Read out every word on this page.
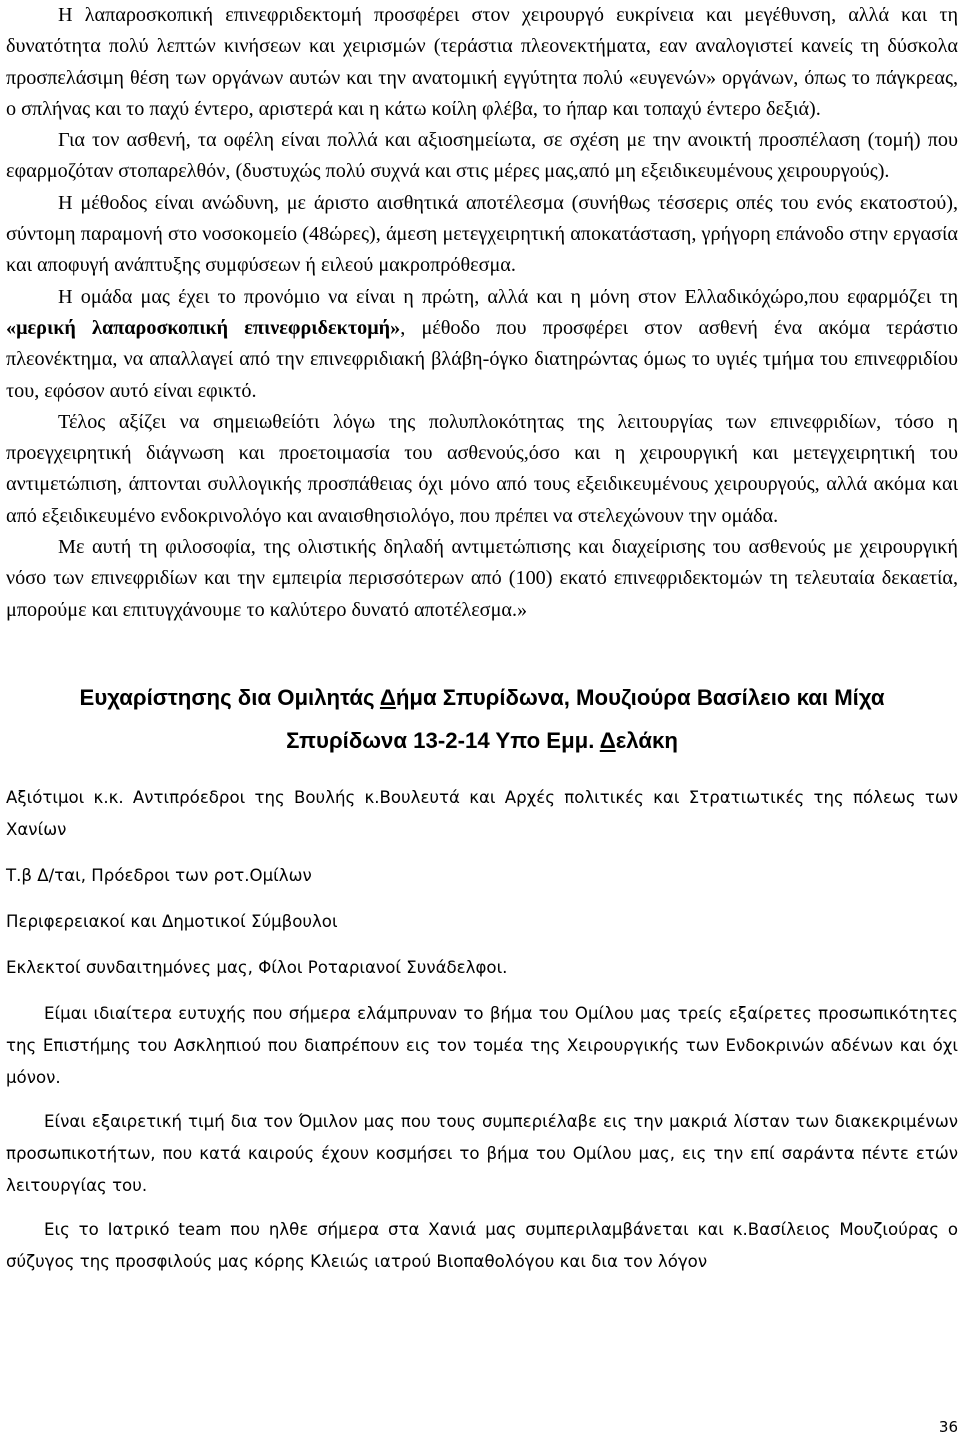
Η λαπαροσκοπική επινεφριδεκτομή προσφέρει στον χειρουργό ευκρίνεια και μεγέθυνση, αλλά και τη δυνατότητα πολύ λεπτών κινήσεων και χειρισμών (τεράστια πλεονεκτήματα, εαν αναλογιστεί κανείς τη δύσκολα προσπελάσιμη θέση των οργάνων αυτών και την ανατομική εγγύτητα πολύ «ευγενών» οργάνων, όπως το πάγκρεας, ο σπλήνας και το παχύ έντερο, αριστερά και η κάτω κοίλη φλέβα, το ήπαρ και τοπαχύ έντερο δεξιά).

Για τον ασθενή, τα οφέλη είναι πολλά και αξιοσημείωτα, σε σχέση με την ανοικτή προσπέλαση (τομή) που εφαρμοζόταν στοπαρελθόν, (δυστυχώς πολύ συχνά και στις μέρες μας,από μη εξειδικευμένους χειρουργούς).

Η μέθοδος είναι ανώδυνη, με άριστο αισθητικά αποτέλεσμα (συνήθως τέσσερις οπές του ενός εκατοστού), σύντομη παραμονή στο νοσοκομείο (48ώρες), άμεση μετεγχειρητική αποκατάσταση, γρήγορη επάνοδο στην εργασία και αποφυγή ανάπτυξης συμφύσεων ή ειλεού μακροπρόθεσμα.

Η ομάδα μας έχει το προνόμιο να είναι η πρώτη, αλλά και η μόνη στον Ελλαδικόχώρο,που εφαρμόζει τη «μερική λαπαροσκοπική επινεφριδεκτομή», μέθοδο που προσφέρει στον ασθενή ένα ακόμα τεράστιο πλεονέκτημα, να απαλλαγεί από την επινεφριδιακή βλάβη-όγκο διατηρώντας όμως το υγιές τμήμα του επινεφριδίου του, εφόσον αυτό είναι εφικτό.

Τέλος αξίζει να σημειωθείότι λόγω της πολυπλοκότητας της λειτουργίας των επινεφριδίων, τόσο η προεγχειρητική διάγνωση και προετοιμασία του ασθενούς,όσο και η χειρουργική και μετεγχειρητική του αντιμετώπιση, άπτονται συλλογικής προσπάθειας όχι μόνο από τους εξειδικευμένους χειρουργούς, αλλά ακόμα και από εξειδικευμένο ενδοκρινολόγο και αναισθησιολόγο, που πρέπει να στελεχώνουν την ομάδα.

Με αυτή τη φιλοσοφία, της ολιστικής δηλαδή αντιμετώπισης και διαχείρισης του ασθενούς με χειρουργική νόσο των επινεφριδίων και την εμπειρία περισσότερων από (100) εκατό επινεφριδεκτομών τη τελευταία δεκαετία, μπορούμε και επιτυγχάνουμε το καλύτερο δυνατό αποτέλεσμα.»

Ευχαρίστησης δια Ομιλητάς Δήμα Σπυρίδωνα, Μουζιούρα Βασίλειο και Μίχα
Σπυρίδωνα 13-2-14 Υπο Εμμ. Δελάκη

Αξιότιμοι κ.κ. Αντιπρόεδροι της Βουλής κ.Βουλευτά και Αρχές πολιτικές και Στρατιωτικές της πόλεως των Χανίων

Τ.β Δ/ται, Πρόεδροι των ροτ.Ομίλων

Περιφερειακοί και Δημοτικοί Σύμβουλοι

Εκλεκτοί συνδαιτημόνες μας, Φίλοι Ροταριανοί Συνάδελφοι.

Είμαι ιδιαίτερα ευτυχής που σήμερα ελάμπρυναν το βήμα του Ομίλου μας τρείς εξαίρετες προσωπικότητες της Επιστήμης του Ασκληπιού που διαπρέπουν εις τον τομέα της Χειρουργικής των Ενδοκρινών αδένων και όχι μόνον.

Είναι εξαιρετική τιμή δια τον Όμιλον μας που τους συμπεριέλαβε εις την μακριά λίσταν των διακεκριμένων προσωπικοτήτων, που κατά καιρούς έχουν κοσμήσει το βήμα του Ομίλου μας, εις την επί σαράντα πέντε ετών λειτουργίας του.

Εις το Ιατρικό team που ηλθε σήμερα στα Χανιά μας συμπεριλαμβάνεται και κ.Βασίλειος Μουζιούρας ο σύζυγος της προσφιλούς μας κόρης Κλειώς ιατρού Βιοπαθολόγου και δια τον λόγον

36
